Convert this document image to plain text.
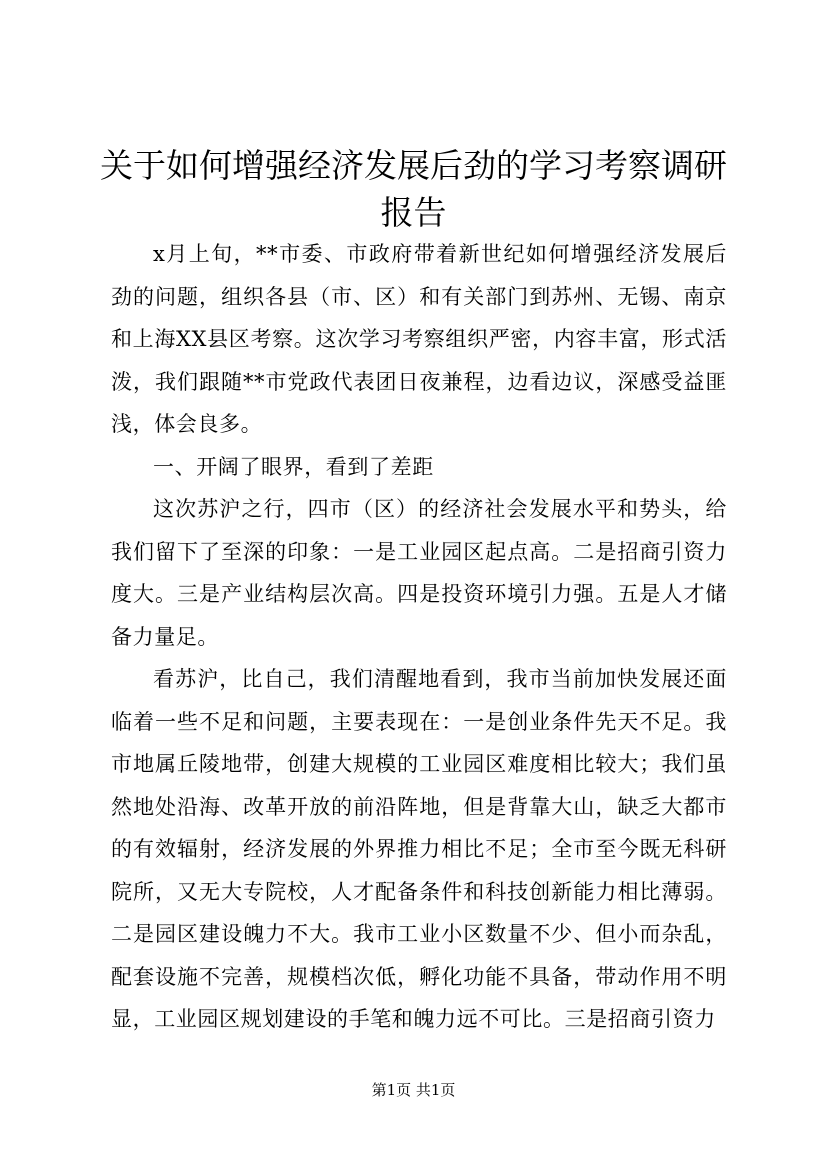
关于如何增强经济发展后劲的学习考察调研报告

x月上旬，**市委、市政府带着新世纪如何增强经济发展后劲的问题，组织各县（市、区）和有关部门到苏州、无锡、南京和上海XX县区考察。这次学习考察组织严密，内容丰富，形式活泼，我们跟随**市党政代表团日夜兼程，边看边议，深感受益匪浅，体会良多。

一、开阔了眼界，看到了差距

这次苏沪之行，四市（区）的经济社会发展水平和势头，给我们留下了至深的印象：一是工业园区起点高。二是招商引资力度大。三是产业结构层次高。四是投资环境引力强。五是人才储备力量足。

看苏沪，比自己，我们清醒地看到，我市当前加快发展还面临着一些不足和问题，主要表现在：一是创业条件先天不足。我市地属丘陵地带，创建大规模的工业园区难度相比较大；我们虽然地处沿海、改革开放的前沿阵地，但是背靠大山，缺乏大都市的有效辐射，经济发展的外界推力相比不足；全市至今既无科研院所，又无大专院校，人才配备条件和科技创新能力相比薄弱。二是园区建设魄力不大。我市工业小区数量不少、但小而杂乱，配套设施不完善，规模档次低，孵化功能不具备，带动作用不明显，工业园区规划建设的手笔和魄力远不可比。三是招商引资力

第1页 共1页
